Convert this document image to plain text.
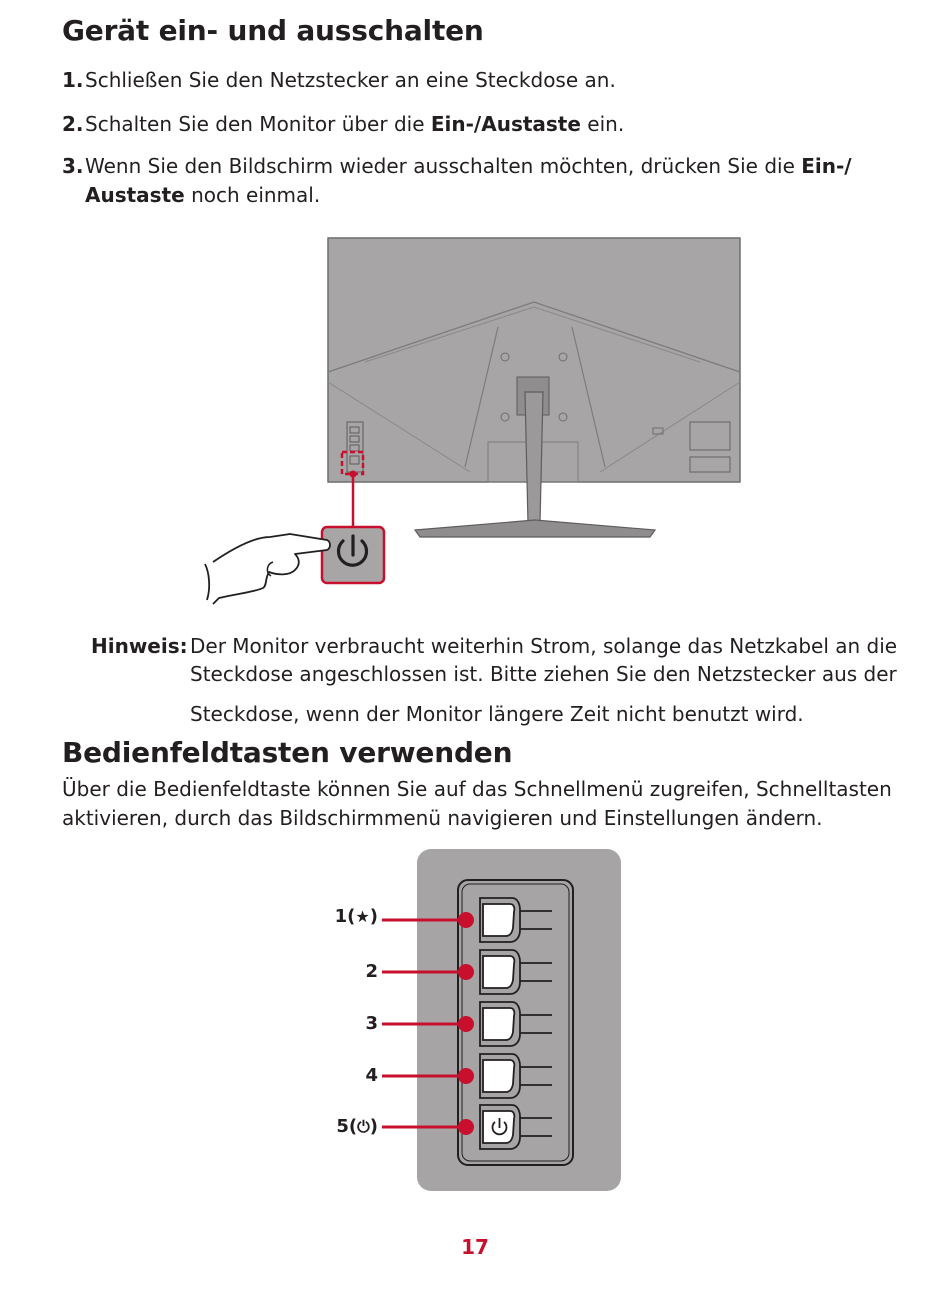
Gerät ein- und ausschalten
1. Schließen Sie den Netzstecker an eine Steckdose an.
2. Schalten Sie den Monitor über die Ein-/Austaste ein.
3. Wenn Sie den Bildschirm wieder ausschalten möchten, drücken Sie die Ein-/
Austaste noch einmal.
Hinweis: Der Monitor verbraucht weiterhin Strom, solange das Netzkabel an die
Steckdose angeschlossen ist. Bitte ziehen Sie den Netzstecker aus der
Steckdose, wenn der Monitor längere Zeit nicht benutzt wird.
Bedienfeldtasten verwenden
Über die Bedienfeldtaste können Sie auf das Schnellmenü zugreifen, Schnelltasten
aktivieren, durch das Bildschirmmenü navigieren und Einstellungen ändern.
1(★)
2
3
4
5(⏻)
17
